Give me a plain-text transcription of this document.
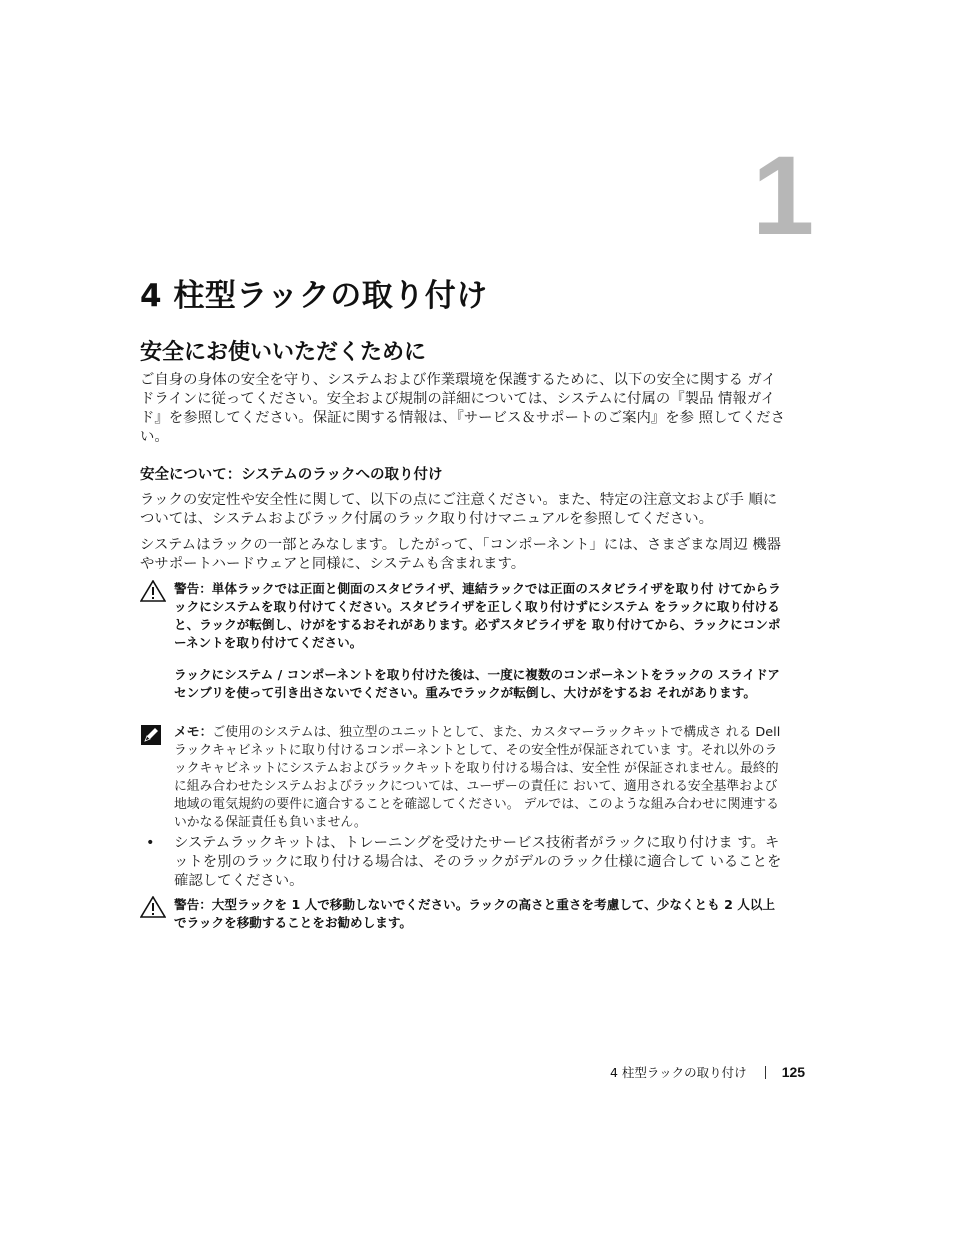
1
4 柱型ラックの取り付け
安全にお使いいただくために

ご自身の身体の安全を守り、システムおよび作業環境を保護するために、以下の安全に関する ガイドラインに従ってください。安全および規制の詳細については、システムに付属の『製品 情報ガイド』を参照してください。保証に関する情報は、『サービス＆サポートのご案内』を参 照してください。

安全について：システムのラックへの取り付け

ラックの安定性や安全性に関して、以下の点にご注意ください。また、特定の注意文および手 順については、システムおよびラック付属のラック取り付けマニュアルを参照してください。

システムはラックの一部とみなします。したがって、「コンポーネント」には、さまざまな周辺 機器やサポートハードウェアと同様に、システムも含まれます。

警告：単体ラックでは正面と側面のスタビライザ、連結ラックでは正面のスタビライザを取り付 けてからラックにシステムを取り付けてください。スタビライザを正しく取り付けずにシステム をラックに取り付けると、ラックが転倒し、けがをするおそれがあります。必ずスタビライザを 取り付けてから、ラックにコンポーネントを取り付けてください。

ラックにシステム / コンポーネントを取り付けた後は、一度に複数のコンポーネントをラックの スライドアセンブリを使って引き出さないでください。重みでラックが転倒し、大けがをするお それがあります。

メモ：ご使用のシステムは、独立型のユニットとして、また、カスタマーラックキットで構成さ れる Dell ラックキャビネットに取り付けるコンポーネントとして、その安全性が保証されていま す。それ以外のラックキャビネットにシステムおよびラックキットを取り付ける場合は、安全性 が保証されません。最終的に組み合わせたシステムおよびラックについては、ユーザーの責任に おいて、適用される安全基準および地域の電気規約の要件に適合することを確認してください。 デルでは、このような組み合わせに関連するいかなる保証責任も負いません。

• システムラックキットは、トレーニングを受けたサービス技術者がラックに取り付けま す。キットを別のラックに取り付ける場合は、そのラックがデルのラック仕様に適合して いることを確認してください。

警告：大型ラックを 1 人で移動しないでください。ラックの高さと重さを考慮して、少なくとも 2 人以上でラックを移動することをお勧めします。

4 柱型ラックの取り付け	125
